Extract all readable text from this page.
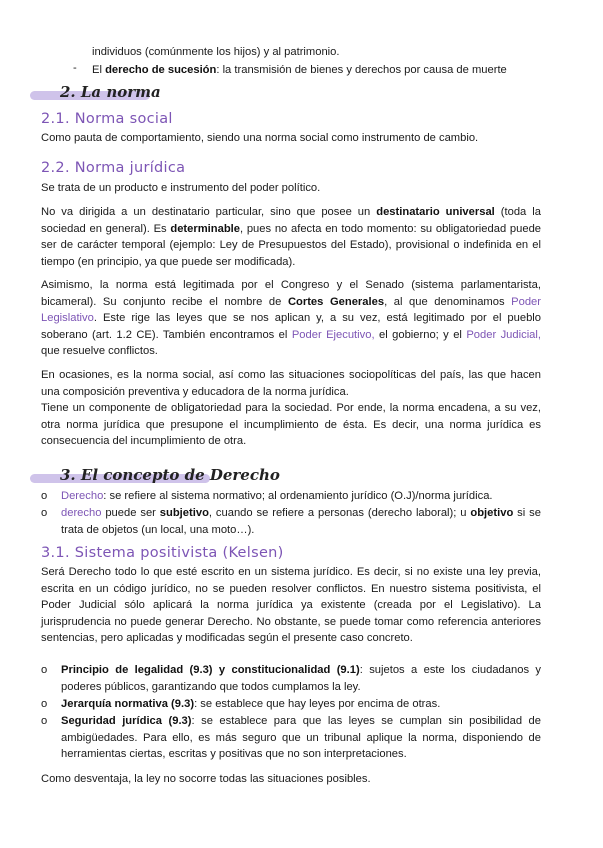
individuos (comúnmente los hijos) y al patrimonio.
- El derecho de sucesión: la transmisión de bienes y derechos por causa de muerte
2. La norma
2.1. Norma social

Como pauta de comportamiento, siendo una norma social como instrumento de cambio.

2.2. Norma jurídica

Se trata de un producto e instrumento del poder político.

No va dirigida a un destinatario particular, sino que posee un destinatario universal (toda la sociedad en general). Es determinable, pues no afecta en todo momento: su obligatoriedad puede ser de carácter temporal (ejemplo: Ley de Presupuestos del Estado), provisional o indefinida en el tiempo (en principio, ya que puede ser modificada).

Asimismo, la norma está legitimada por el Congreso y el Senado (sistema parlamentarista, bicameral). Su conjunto recibe el nombre de Cortes Generales, al que denominamos Poder Legislativo. Este rige las leyes que se nos aplican y, a su vez, está legitimado por el pueblo soberano (art. 1.2 CE). También encontramos el Poder Ejecutivo, el gobierno; y el Poder Judicial, que resuelve conflictos.

En ocasiones, es la norma social, así como las situaciones sociopolíticas del país, las que hacen una composición preventiva y educadora de la norma jurídica.

Tiene un componente de obligatoriedad para la sociedad. Por ende, la norma encadena, a su vez, otra norma jurídica que presupone el incumplimiento de ésta. Es decir, una norma jurídica es consecuencia del incumplimiento de otra.

3. El concepto de Derecho
o Derecho: se refiere al sistema normativo; al ordenamiento jurídico (O.J)/norma jurídica.
o derecho puede ser subjetivo, cuando se refiere a personas (derecho laboral); u objetivo si se trata de objetos (un local, una moto…).
3.1. Sistema positivista (Kelsen)

Será Derecho todo lo que esté escrito en un sistema jurídico. Es decir, si no existe una ley previa, escrita en un código jurídico, no se pueden resolver conflictos. En nuestro sistema positivista, el Poder Judicial sólo aplicará la norma jurídica ya existente (creada por el Legislativo). La jurisprudencia no puede generar Derecho. No obstante, se puede tomar como referencia anteriores sentencias, pero aplicadas y modificadas según el presente caso concreto.

o Principio de legalidad (9.3) y constitucionalidad (9.1): sujetos a este los ciudadanos y poderes públicos, garantizando que todos cumplamos la ley.
o Jerarquía normativa (9.3): se establece que hay leyes por encima de otras.
o Seguridad jurídica (9.3): se establece para que las leyes se cumplan sin posibilidad de ambigüedades. Para ello, es más seguro que un tribunal aplique la norma, disponiendo de herramientas ciertas, escritas y positivas que no son interpretaciones.

Como desventaja, la ley no socorre todas las situaciones posibles.
